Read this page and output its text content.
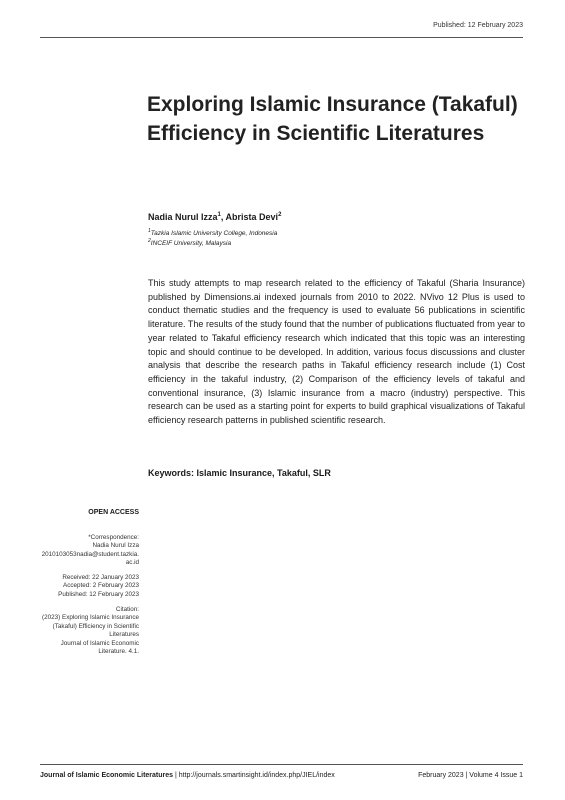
Published: 12 February 2023
Exploring Islamic Insurance (Takaful) Efficiency in Scientific Literatures
Nadia Nurul Izza$^1$, Abrista Devi$^2$
$^1$Tazkia Islamic University College, Indonesia
$^2$INCEIF University, Malaysia
This study attempts to map research related to the efficiency of Takaful (Sharia Insurance) published by Dimensions.ai indexed journals from 2010 to 2022. NVivo 12 Plus is used to conduct thematic studies and the frequency is used to evaluate 56 publications in scientific literature. The results of the study found that the number of publications fluctuated from year to year related to Takaful efficiency research which indicated that this topic was an interesting topic and should continue to be developed. In addition, various focus discussions and cluster analysis that describe the research paths in Takaful efficiency research include (1) Cost efficiency in the takaful industry, (2) Comparison of the efficiency levels of takaful and conventional insurance, (3) Islamic insurance from a macro (industry) perspective. This research can be used as a starting point for experts to build graphical visualizations of Takaful efficiency research patterns in published scientific research.
Keywords: Islamic Insurance, Takaful, SLR
OPEN ACCESS
*Correspondence:
Nadia Nurul Izza
2010103053nadia@student.tazkia.
ac.id
Received: 22 January 2023
Accepted: 2 February 2023
Published: 12 February 2023
Citation:
(2023) Exploring Islamic Insurance
(Takaful) Efficiency in Scientific
Literatures
Journal of Islamic Economic
Literature. 4.1.
Journal of Islamic Economic Literatures | http://journals.smartinsight.id/index.php/JIEL/index	February 2023 | Volume 4 Issue 1
